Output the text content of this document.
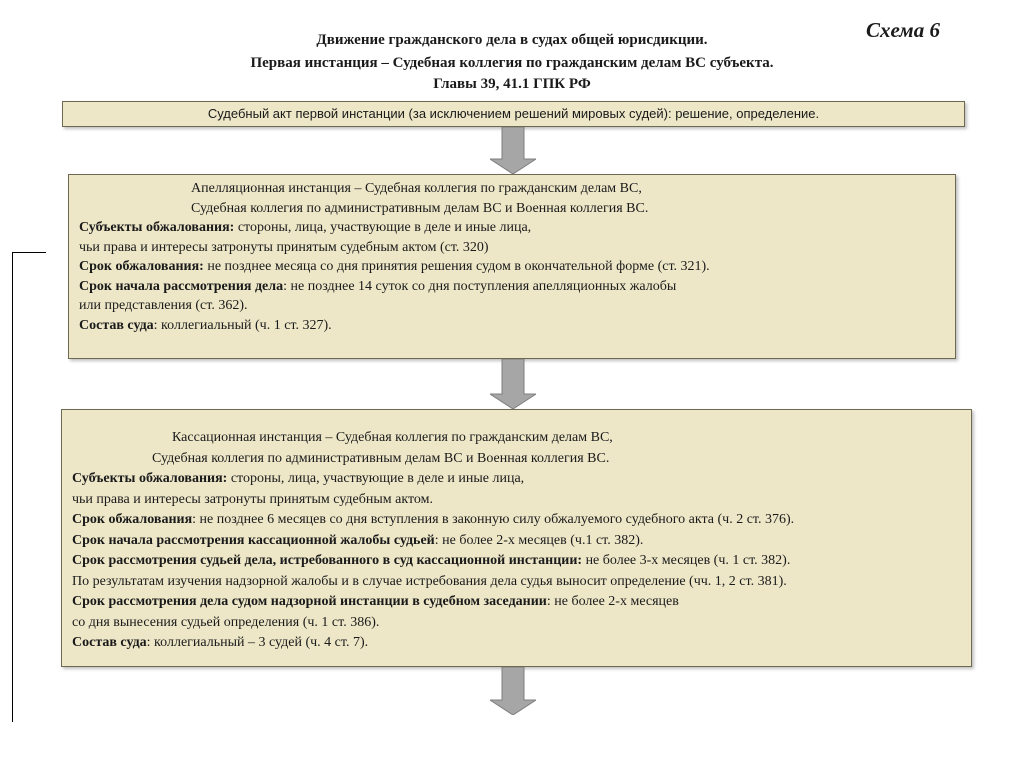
Схема 6
Движение гражданского дела в судах общей юрисдикции.
Первая инстанция – Судебная коллегия по гражданским делам ВС субъекта.
Главы 39, 41.1 ГПК РФ
Судебный акт первой инстанции (за исключением решений мировых судей): решение, определение.
Апелляционная инстанция – Судебная коллегия по гражданским делам ВС,
Судебная коллегия по административным делам ВС и Военная коллегия ВС.
Субъекты обжалования: стороны, лица, участвующие в деле и иные лица,
чьи права и интересы затронуты принятым судебным актом (ст. 320)
Срок обжалования: не позднее месяца со дня принятия решения судом в окончательной форме (ст. 321).
Срок начала рассмотрения дела: не позднее 14 суток со дня поступления апелляционных жалобы
или представления (ст. 362).
Состав суда: коллегиальный (ч. 1 ст. 327).
Кассационная инстанция – Судебная коллегия по гражданским делам ВС,
Судебная коллегия по административным делам ВС и Военная коллегия ВС.
Субъекты обжалования: стороны, лица, участвующие в деле и иные лица,
чьи права и интересы затронуты принятым судебным актом.
Срок обжалования: не позднее 6 месяцев со дня вступления в законную силу обжалуемого судебного акта (ч. 2 ст. 376).
Срок начала рассмотрения кассационной жалобы судьей: не более 2-х месяцев (ч.1 ст. 382).
Срок рассмотрения судьей дела, истребованного в суд кассационной инстанции: не более 3-х месяцев (ч. 1 ст. 382).
По результатам изучения надзорной жалобы и в случае истребования дела судья выносит определение (чч. 1, 2 ст. 381).
Срок рассмотрения дела судом надзорной инстанции в судебном заседании: не более 2-х месяцев
со дня вынесения судьей определения (ч. 1 ст. 386).
Состав суда: коллегиальный – 3 судей (ч. 4 ст. 7).
